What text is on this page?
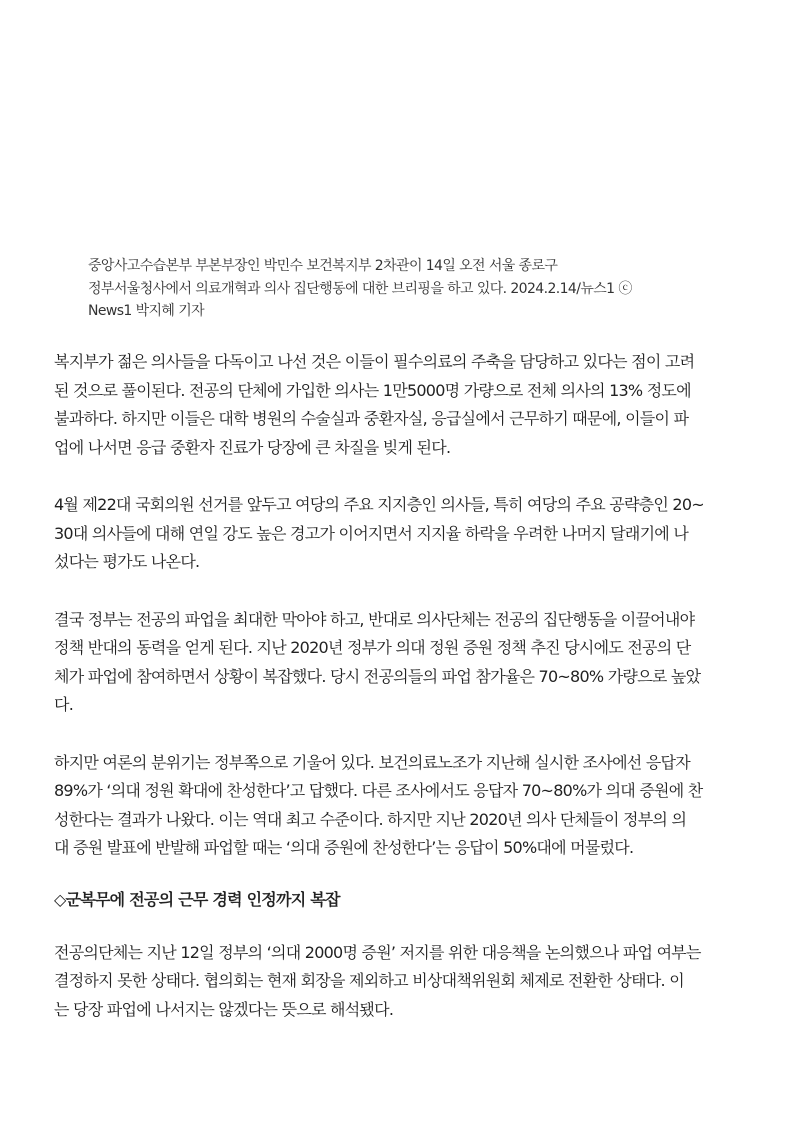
중앙사고수습본부 부본부장인 박민수 보건복지부 2차관이 14일 오전 서울 종로구
정부서울청사에서 의료개혁과 의사 집단행동에 대한 브리핑을 하고 있다. 2024.2.14/뉴스1 ⓒ
News1 박지혜 기자

복지부가 젊은 의사들을 다독이고 나선 것은 이들이 필수의료의 주축을 담당하고 있다는 점이 고려
된 것으로 풀이된다. 전공의 단체에 가입한 의사는 1만5000명 가량으로 전체 의사의 13% 정도에
불과하다. 하지만 이들은 대학 병원의 수술실과 중환자실, 응급실에서 근무하기 때문에, 이들이 파
업에 나서면 응급 중환자 진료가 당장에 큰 차질을 빚게 된다.

4월 제22대 국회의원 선거를 앞두고 여당의 주요 지지층인 의사들, 특히 여당의 주요 공략층인 20~
30대 의사들에 대해 연일 강도 높은 경고가 이어지면서 지지율 하락을 우려한 나머지 달래기에 나
섰다는 평가도 나온다.

결국 정부는 전공의 파업을 최대한 막아야 하고, 반대로 의사단체는 전공의 집단행동을 이끌어내야
정책 반대의 동력을 얻게 된다. 지난 2020년 정부가 의대 정원 증원 정책 추진 당시에도 전공의 단
체가 파업에 참여하면서 상황이 복잡했다. 당시 전공의들의 파업 참가율은 70~80% 가량으로 높았
다.

하지만 여론의 분위기는 정부쪽으로 기울어 있다. 보건의료노조가 지난해 실시한 조사에선 응답자
89%가 ‘의대 정원 확대에 찬성한다’고 답했다. 다른 조사에서도 응답자 70~80%가 의대 증원에 찬
성한다는 결과가 나왔다. 이는 역대 최고 수준이다. 하지만 지난 2020년 의사 단체들이 정부의 의
대 증원 발표에 반발해 파업할 때는 ‘의대 증원에 찬성한다’는 응답이 50%대에 머물렀다.

◇군복무에 전공의 근무 경력 인정까지 복잡

전공의단체는 지난 12일 정부의 ‘의대 2000명 증원’ 저지를 위한 대응책을 논의했으나 파업 여부는
결정하지 못한 상태다. 협의회는 현재 회장을 제외하고 비상대책위원회 체제로 전환한 상태다. 이
는 당장 파업에 나서지는 않겠다는 뜻으로 해석됐다.
